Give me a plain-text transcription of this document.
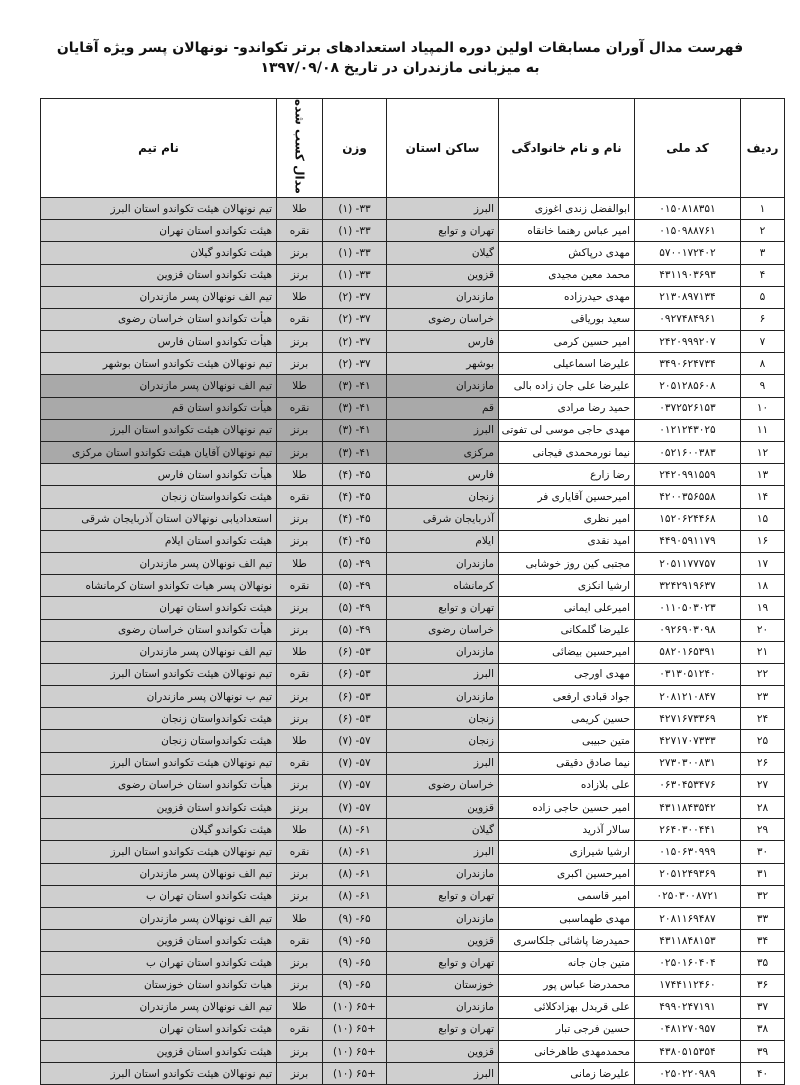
فهرست مدال آوران مسابقات اولین دوره المپیاد استعدادهای برتر تکواندو- نونهالان پسر ویژه آقایان
به میزبانی مازندران در تاریخ ۱۳۹۷/۰۹/۰۸
ردیف	کد ملی	نام و نام خانوادگی	ساکن استان	وزن	مدال کسب شده	نام تیم
۱	۰۱۵۰۸۱۸۳۵۱	ابوالفضل زندی اغوزی	البرز	۳۳- (۱)	طلا	تیم نونهالان هیئت تکواندو استان البرز
۲	۰۱۵۰۹۸۸۷۶۱	امیر عباس رهنما خانقاه	تهران و توابع	۳۳- (۱)	نقره	هیئت تکواندو استان تهران
۳	۵۷۰۰۱۷۲۴۰۲	مهدی درپاکش	گیلان	۳۳- (۱)	برنز	هیئت تکواندو گیلان
۴	۴۳۱۱۹۰۳۶۹۳	محمد معین مجیدی	قزوین	۳۳- (۱)	برنز	هیئت تکواندو استان قزوین
۵	۲۱۳۰۸۹۷۱۳۴	مهدی حیدرزاده	مازندران	۳۷- (۲)	طلا	تیم الف نونهالان پسر مازندران
۶	۰۹۲۷۴۸۴۹۶۱	سعید بوریاقی	خراسان رضوی	۳۷- (۲)	نقره	هیأت تکواندو استان خراسان رضوی
۷	۲۴۲۰۹۹۹۲۰۷	امیر حسین کرمی	فارس	۳۷- (۲)	برنز	هیأت تکواندو استان فارس
۸	۳۴۹۰۶۲۴۷۳۴	علیرضا اسماعیلی	بوشهر	۳۷- (۲)	برنز	تیم نونهالان هیئت تکواندو استان بوشهر
۹	۲۰۵۱۲۸۵۶۰۸	علیرضا علی جان زاده بالی	مازندران	۴۱- (۳)	طلا	تیم الف نونهالان پسر مازندران
۱۰	۰۳۷۲۵۲۶۱۵۳	حمید رضا مرادی	قم	۴۱- (۳)	نقره	هیأت تکواندو استان قم
۱۱	۰۱۲۱۲۴۳۰۲۵	مهدی حاجی موسی لی تفوتی	البرز	۴۱- (۳)	برنز	تیم نونهالان هیئت تکواندو استان البرز
۱۲	۰۵۲۱۶۰۰۳۸۳	نیما نورمحمدی فیجانی	مرکزی	۴۱- (۳)	برنز	تیم نونهالان آقایان هیئت تکواندو استان مرکزی
۱۳	۲۴۲۰۹۹۱۵۵۹	رضا زارع	فارس	۴۵- (۴)	طلا	هیأت تکواندو استان فارس
۱۴	۴۲۰۰۳۵۶۵۵۸	امیرحسین آقایاری فر	زنجان	۴۵- (۴)	نقره	هیئت تکواندواستان زنجان
۱۵	۱۵۲۰۶۲۴۴۶۸	امیر نظری	آذربایجان شرقی	۴۵- (۴)	برنز	استعدادیابی نونهالان استان آذربایجان شرقی
۱۶	۴۴۹۰۵۹۱۱۷۹	امید نقدی	ایلام	۴۵- (۴)	برنز	هیئت تکواندو استان ایلام
۱۷	۲۰۵۱۱۷۷۷۵۷	مجتبی کین روز خوشابی	مازندران	۴۹- (۵)	طلا	تیم الف نونهالان پسر مازندران
۱۸	۳۲۴۲۹۱۹۶۳۷	ارشیا انکزی	کرمانشاه	۴۹- (۵)	نقره	نونهالان پسر هیات تکواندو استان کرمانشاه
۱۹	۰۱۱۰۵۰۳۰۲۳	امیرعلی ایمانی	تهران و توابع	۴۹- (۵)	برنز	هیئت تکواندو استان تهران
۲۰	۰۹۲۶۹۰۳۰۹۸	علیرضا گلمکانی	خراسان رضوی	۴۹- (۵)	برنز	هیأت تکواندو استان خراسان رضوی
۲۱	۵۸۲۰۱۶۵۳۹۱	امیرحسین بیضائی	مازندران	۵۳- (۶)	طلا	تیم الف نونهالان پسر مازندران
۲۲	۰۳۱۳۰۵۱۲۴۰	مهدی اورجی	البرز	۵۳- (۶)	نقره	تیم نونهالان هیئت تکواندو استان البرز
۲۳	۲۰۸۱۲۱۰۸۴۷	جواد قبادی ارفعی	مازندران	۵۳- (۶)	برنز	تیم ب نونهالان پسر مازندران
۲۴	۴۲۷۱۶۷۳۳۶۹	حسین کریمی	زنجان	۵۳- (۶)	برنز	هیئت تکواندواستان زنجان
۲۵	۴۲۷۱۷۰۷۳۳۳	متین حبیبی	زنجان	۵۷- (۷)	طلا	هیئت تکواندواستان زنجان
۲۶	۲۷۳۰۳۰۰۸۳۱	نیما صادق دقیقی	البرز	۵۷- (۷)	نقره	تیم نونهالان هیئت تکواندو استان البرز
۲۷	۰۶۳۰۴۵۳۴۷۶	علی بلازاده	خراسان رضوی	۵۷- (۷)	برنز	هیأت تکواندو استان خراسان رضوی
۲۸	۴۳۱۱۸۴۳۵۴۲	امیر حسین حاجی زاده	قزوین	۵۷- (۷)	برنز	هیئت تکواندو استان قزوین
۲۹	۲۶۴۰۳۰۰۴۴۱	سالار آذرید	گیلان	۶۱- (۸)	طلا	هیئت تکواندو گیلان
۳۰	۰۱۵۰۶۳۰۹۹۹	ارشیا شیرازی	البرز	۶۱- (۸)	نقره	تیم نونهالان هیئت تکواندو استان البرز
۳۱	۲۰۵۱۲۴۹۳۶۹	امیرحسین اکبری	مازندران	۶۱- (۸)	برنز	تیم الف نونهالان پسر مازندران
۳۲	۰۲۵۰۳۰۰۸۷۲۱	امیر قاسمی	تهران و توابع	۶۱- (۸)	برنز	هیئت تکواندو استان تهران ب
۳۳	۲۰۸۱۱۶۹۴۸۷	مهدی طهماسبی	مازندران	۶۵- (۹)	طلا	تیم الف نونهالان پسر مازندران
۳۴	۴۳۱۱۸۴۸۱۵۳	حمیدرضا پاشائی جلکاسری	قزوین	۶۵- (۹)	نقره	هیئت تکواندو استان قزوین
۳۵	۰۲۵۰۱۶۰۴۰۴	متین جان جانه	تهران و توابع	۶۵- (۹)	برنز	هیئت تکواندو استان تهران ب
۳۶	۱۷۴۴۱۱۲۴۶۰	محمدرضا عباس پور	خوزستان	۶۵- (۹)	برنز	هیات تکواندو استان خوزستان
۳۷	۴۹۹۰۲۴۷۱۹۱	علی قربدل بهزادکلائی	مازندران	+۶۵ (۱۰)	طلا	تیم الف نونهالان پسر مازندران
۳۸	۰۴۸۱۲۷۰۹۵۷	حسین فرجی تبار	تهران و توابع	+۶۵ (۱۰)	نقره	هیئت تکواندو استان تهران
۳۹	۴۳۸۰۵۱۵۳۵۴	محمدمهدی طاهرخانی	قزوین	+۶۵ (۱۰)	برنز	هیئت تکواندو استان قزوین
۴۰	۰۲۵۰۲۲۰۹۸۹	علیرضا زمانی	البرز	+۶۵ (۱۰)	برنز	تیم نونهالان هیئت تکواندو استان البرز
